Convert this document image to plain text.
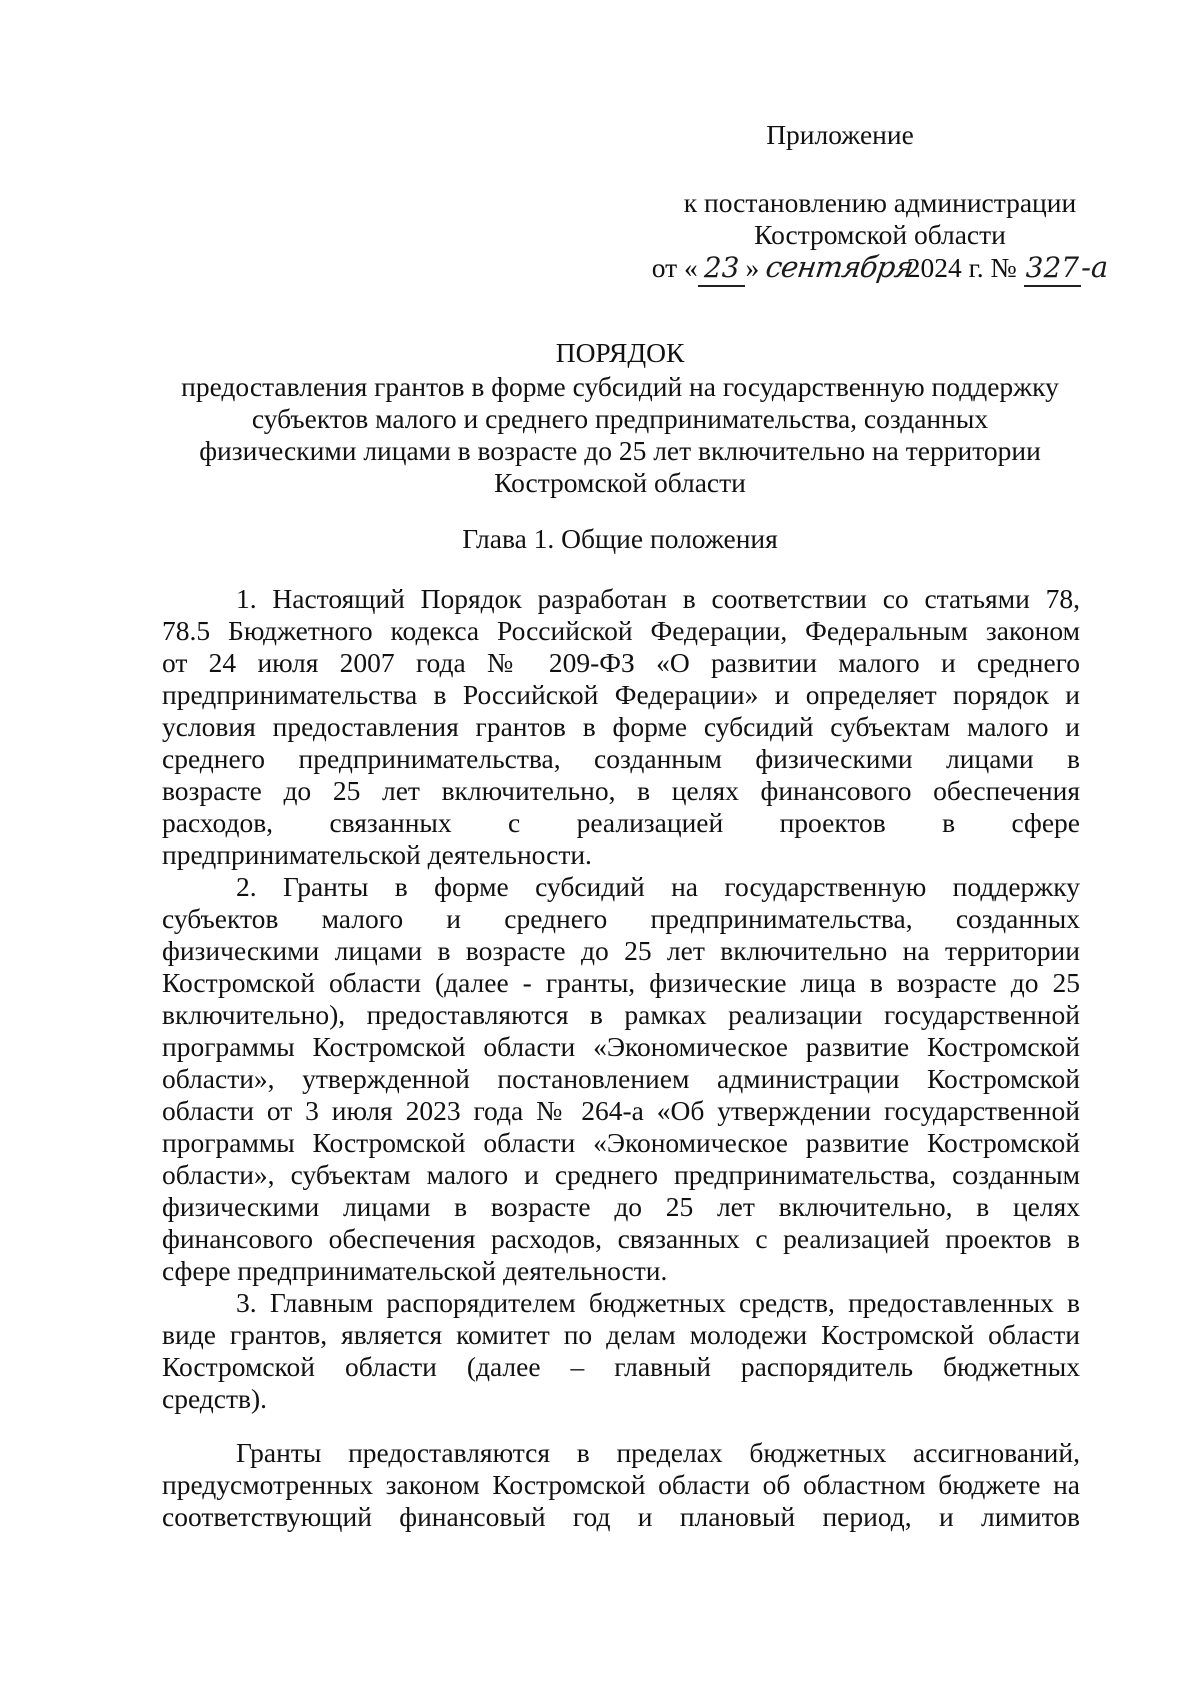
Приложение
к постановлению администрации
Костромской области
от « 23 » сентября2024 г. № 327-а
ПОРЯДОК
предоставления грантов в форме субсидий на государственную поддержку
субъектов малого и среднего предпринимательства, созданных
физическими лицами в возрасте до 25 лет включительно на территории
Костромской области
Глава 1. Общие положения
1. Настоящий Порядок разработан в соответствии со статьями 78,
78.5 Бюджетного кодекса Российской Федерации, Федеральным законом
от 24 июля 2007 года № 209-ФЗ «О развитии малого и среднего
предпринимательства в Российской Федерации» и определяет порядок и
условия предоставления грантов в форме субсидий субъектам малого и
среднего предпринимательства, созданным физическими лицами в
возрасте до 25 лет включительно, в целях финансового обеспечения
расходов, связанных с реализацией проектов в сфере
предпринимательской деятельности.
2. Гранты в форме субсидий на государственную поддержку
субъектов малого и среднего предпринимательства, созданных
физическими лицами в возрасте до 25 лет включительно на территории
Костромской области (далее - гранты, физические лица в возрасте до 25
включительно), предоставляются в рамках реализации государственной
программы Костромской области «Экономическое развитие Костромской
области», утвержденной постановлением администрации Костромской
области от 3 июля 2023 года № 264-а «Об утверждении государственной
программы Костромской области «Экономическое развитие Костромской
области», субъектам малого и среднего предпринимательства, созданным
физическими лицами в возрасте до 25 лет включительно, в целях
финансового обеспечения расходов, связанных с реализацией проектов в
сфере предпринимательской деятельности.
3. Главным распорядителем бюджетных средств, предоставленных в
виде грантов, является комитет по делам молодежи Костромской области
Костромской области (далее – главный распорядитель бюджетных
средств).
Гранты предоставляются в пределах бюджетных ассигнований,
предусмотренных законом Костромской области об областном бюджете на
соответствующий финансовый год и плановый период, и лимитов
